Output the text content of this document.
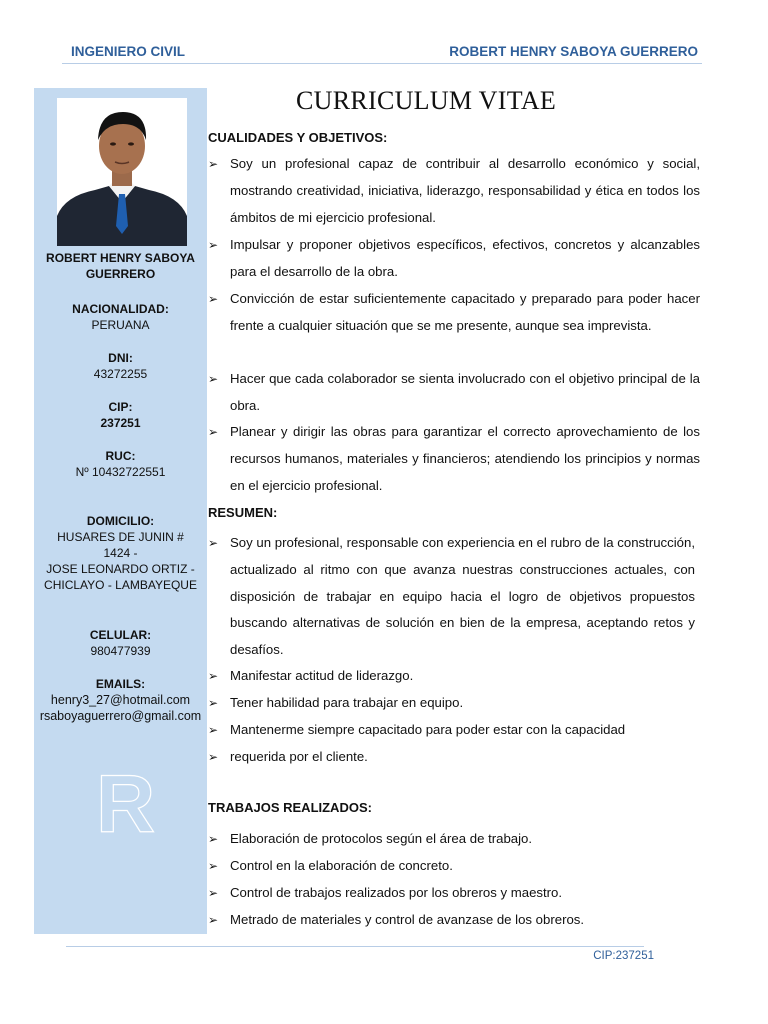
INGENIERO CIVIL	ROBERT HENRY SABOYA GUERRERO
ROBERT HENRY SABOYA GUERRERO
NACIONALIDAD:
PERUANA
DNI:
43272255
CIP:
237251
RUC:
Nº 10432722551
DOMICILIO:
HUSARES DE JUNIN #
1424 -
JOSE LEONARDO ORTIZ -
CHICLAYO - LAMBAYEQUE
CELULAR:
980477939
EMAILS:
henry3_27@hotmail.com
rsaboyaguerrero@gmail.com
R
CURRICULUM VITAE
CUALIDADES Y OBJETIVOS:
➢ Soy un profesional capaz de contribuir al desarrollo económico y social, mostrando creatividad, iniciativa, liderazgo, responsabilidad y ética en todos los ámbitos de mi ejercicio profesional.
➢ Impulsar y proponer objetivos específicos, efectivos, concretos y alcanzables para el desarrollo de la obra.
➢ Convicción de estar suficientemente capacitado y preparado para poder hacer frente a cualquier situación que se me presente, aunque sea imprevista.
➢ Hacer que cada colaborador se sienta involucrado con el objetivo principal de la obra.
➢ Planear y dirigir las obras para garantizar el correcto aprovechamiento de los recursos humanos, materiales y financieros; atendiendo los principios y normas en el ejercicio profesional.
RESUMEN:
➢ Soy un profesional, responsable con experiencia en el rubro de la construcción, actualizado al ritmo con que avanza nuestras construcciones actuales, con disposición de trabajar en equipo hacia el logro de objetivos propuestos buscando alternativas de solución en bien de la empresa, aceptando retos y desafíos.
➢ Manifestar actitud de liderazgo.
➢ Tener habilidad para trabajar en equipo.
➢ Mantenerme siempre capacitado para poder estar con la capacidad
➢ requerida por el cliente.
TRABAJOS REALIZADOS:
➢ Elaboración de protocolos según el área de trabajo.
➢ Control en la elaboración de concreto.
➢ Control de trabajos realizados por los obreros y maestro.
➢ Metrado de materiales y control de avanzase de los obreros.
CIP:237251
